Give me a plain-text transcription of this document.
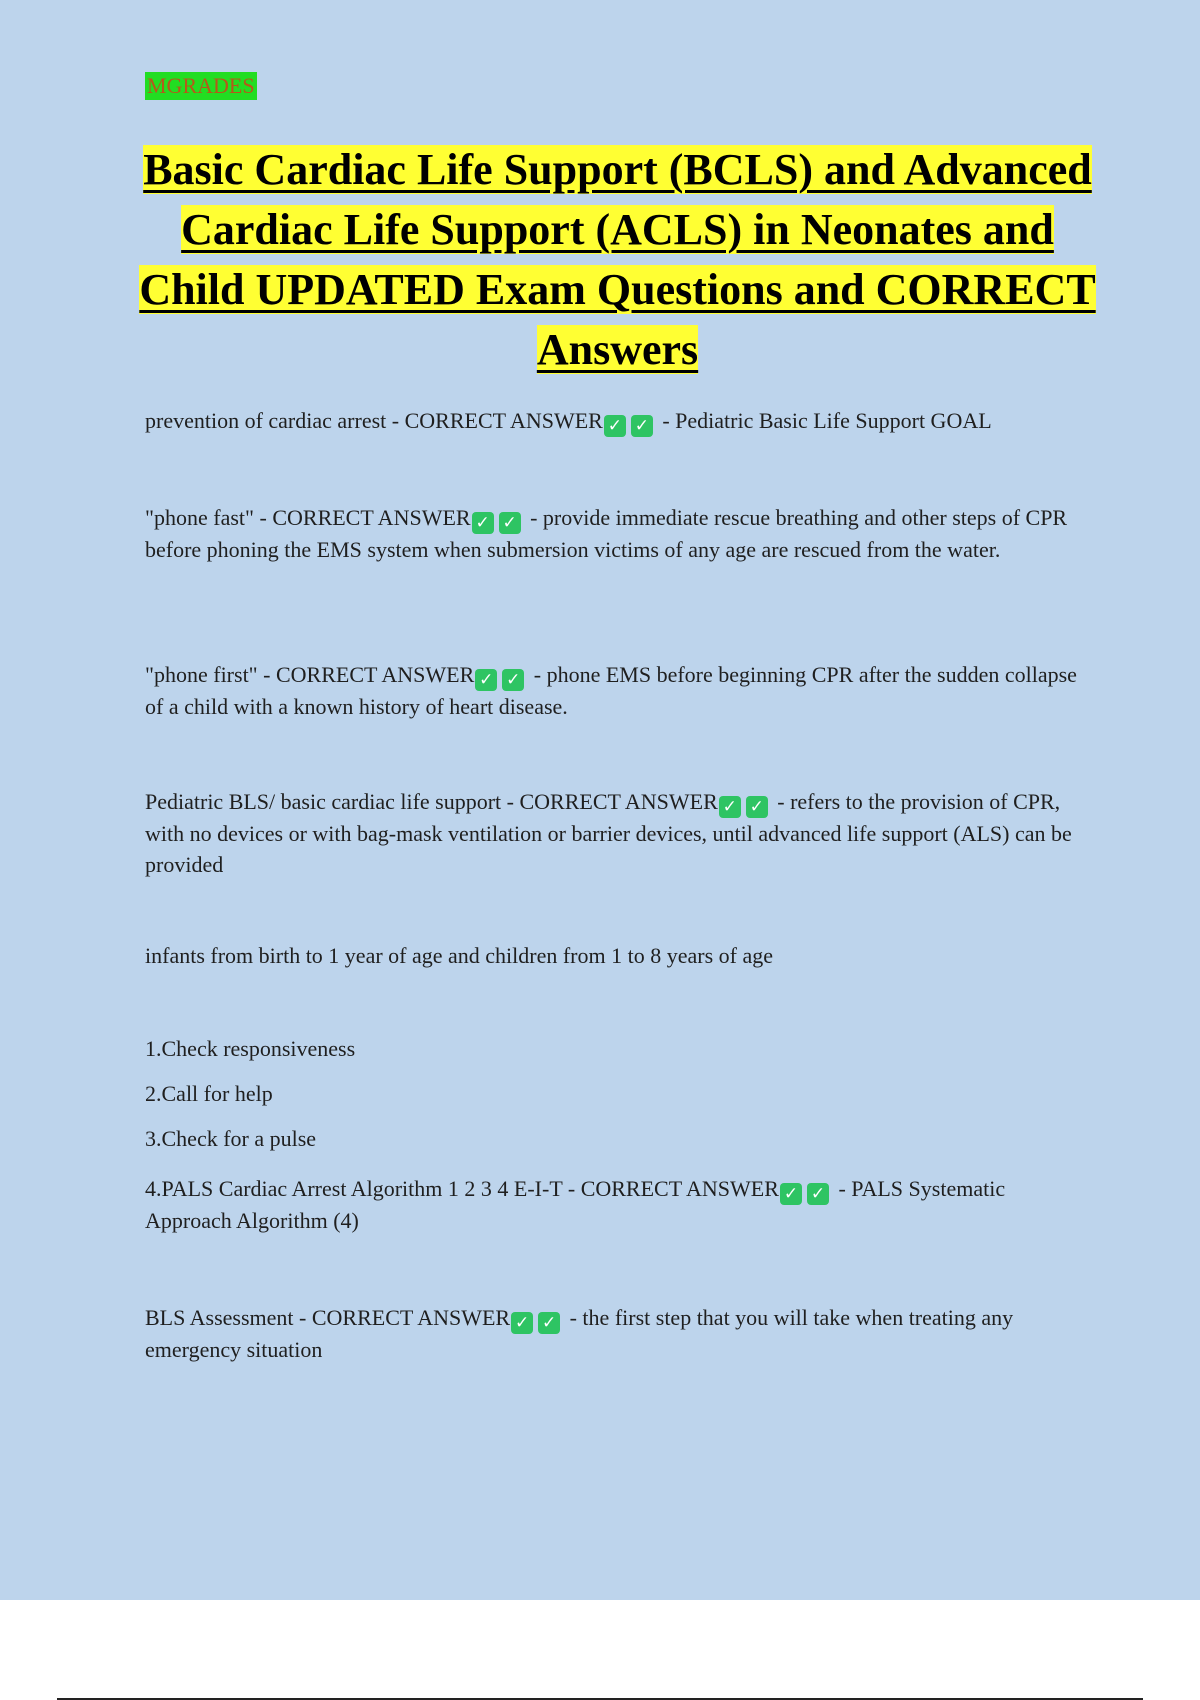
MGRADES
Basic Cardiac Life Support (BCLS) and Advanced Cardiac Life Support (ACLS) in Neonates and Child UPDATED Exam Questions and CORRECT Answers

prevention of cardiac arrest - CORRECT ANSWER ✓ ✓ - Pediatric Basic Life Support GOAL

"phone fast" - CORRECT ANSWER ✓ ✓ - provide immediate rescue breathing and other steps of CPR before phoning the EMS system when submersion victims of any age are rescued from the water.

"phone first" - CORRECT ANSWER ✓ ✓ - phone EMS before beginning CPR after the sudden collapse of a child with a known history of heart disease.

Pediatric BLS/ basic cardiac life support - CORRECT ANSWER ✓ ✓ - refers to the provision of CPR, with no devices or with bag-mask ventilation or barrier devices, until advanced life support (ALS) can be provided

infants from birth to 1 year of age and children from 1 to 8 years of age

1.Check responsiveness

2.Call for help

3.Check for a pulse

4.PALS Cardiac Arrest Algorithm 1 2 3 4 E-I-T - CORRECT ANSWER ✓ ✓ - PALS Systematic Approach Algorithm (4)

BLS Assessment - CORRECT ANSWER ✓ ✓ - the first step that you will take when treating any emergency situation
